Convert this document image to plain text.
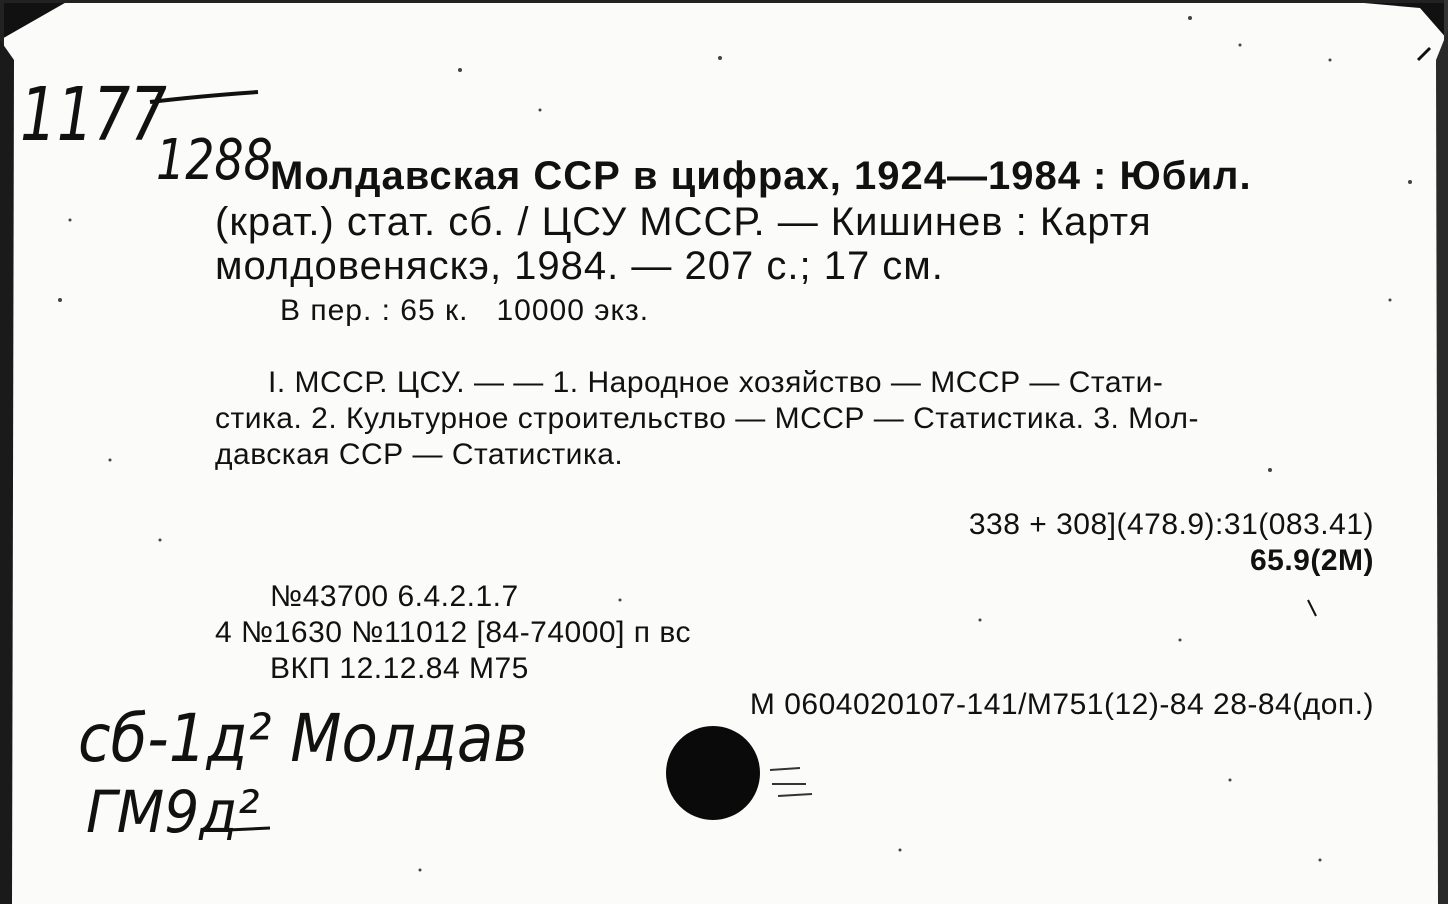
1177
1288
Молдавская ССР в цифрах, 1924—1984 : Юбил.
(крат.) стат. сб. / ЦСУ МССР. — Кишинев : Картя
молдовеняскэ, 1984. — 207 с.; 17 см.
В пер. : 65 к.   10000 экз.
I. МССР. ЦСУ. — — 1. Народное хозяйство — МССР — Стати-
стика. 2. Культурное строительство — МССР — Статистика. 3. Мол-
давская ССР — Статистика.
338 + 308](478.9):31(083.41)
65.9(2М)
№43700 6.4.2.1.7
4 №1630 №11012 [84-74000] п вс
ВКП 12.12.84 М75
М 0604020107-141/М751(12)-84 28-84(доп.)
сб-1д² Молдав
ГМ9д²
